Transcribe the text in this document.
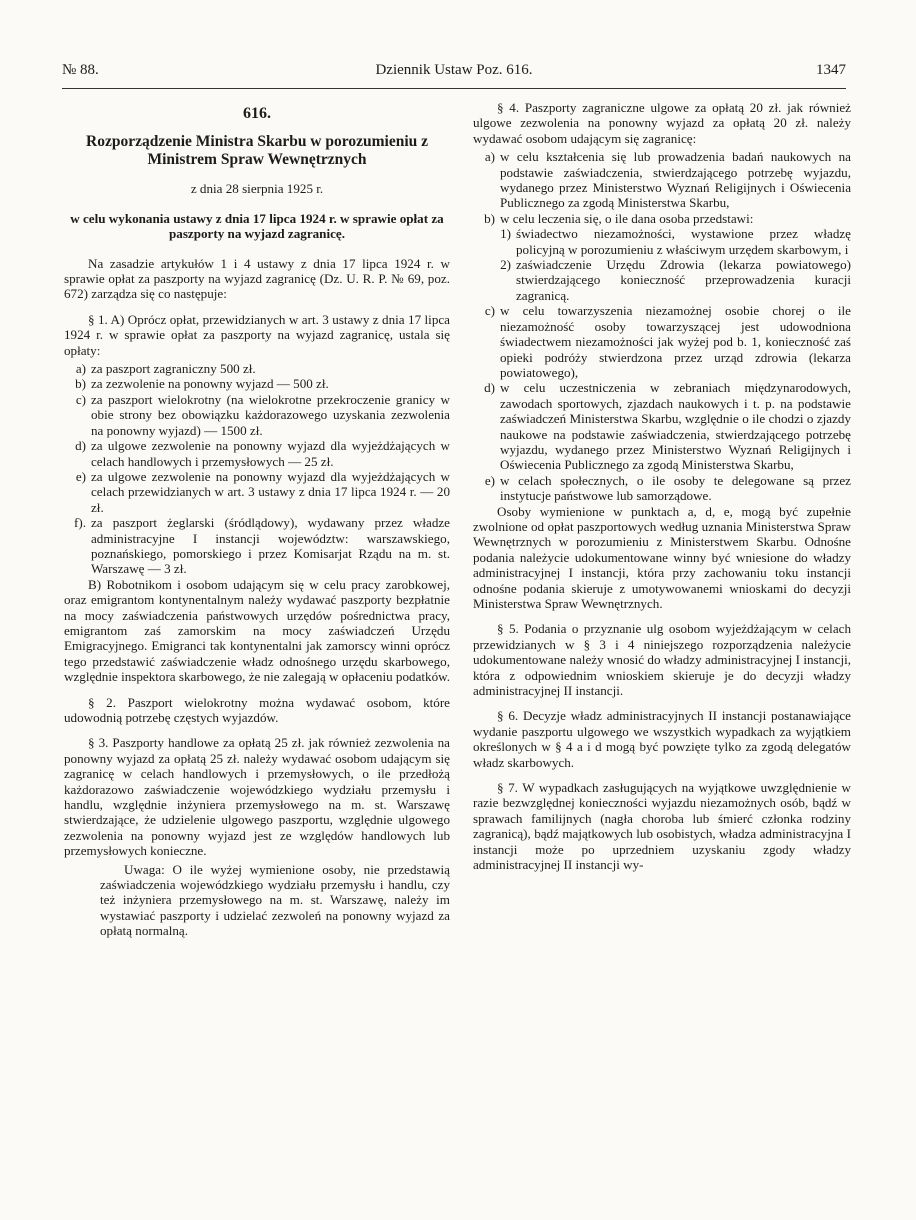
№ 88.	Dziennik Ustaw Poz. 616.	1347

616.

Rozporządzenie Ministra Skarbu w porozumieniu z Ministrem Spraw Wewnętrznych

z dnia 28 sierpnia 1925 r.

w celu wykonania ustawy z dnia 17 lipca 1924 r. w sprawie opłat za paszporty na wyjazd zagranicę.

Na zasadzie artykułów 1 i 4 ustawy z dnia 17 lipca 1924 r. w sprawie opłat za paszporty na wyjazd zagranicę (Dz. U. R. P. № 69, poz. 672) zarządza się co następuje:

§ 1. A) Oprócz opłat, przewidzianych w art. 3 ustawy z dnia 17 lipca 1924 r. w sprawie opłat za paszporty na wyjazd zagranicę, ustala się opłaty:

a) za paszport zagraniczny 500 zł.
b) za zezwolenie na ponowny wyjazd — 500 zł.
c) za paszport wielokrotny (na wielokrotne przekroczenie granicy w obie strony bez obowiązku każdorazowego uzyskania zezwolenia na ponowny wyjazd) — 1500 zł.
d) za ulgowe zezwolenie na ponowny wyjazd dla wyjeżdżających w celach handlowych i przemysłowych — 25 zł.
e) za ulgowe zezwolenie na ponowny wyjazd dla wyjeżdżających w celach przewidzianych w art. 3 ustawy z dnia 17 lipca 1924 r. — 20 zł.
f). za paszport żeglarski (śródlądowy), wydawany przez władze administracyjne I instancji województw: warszawskiego, poznańskiego, pomorskiego i przez Komisarjat Rządu na m. st. Warszawę — 3 zł.

B) Robotnikom i osobom udającym się w celu pracy zarobkowej, oraz emigrantom kontynentalnym należy wydawać paszporty bezpłatnie na mocy zaświadczenia państwowych urzędów pośrednictwa pracy, emigrantom zaś zamorskim na mocy zaświadczeń Urzędu Emigracyjnego. Emigranci tak kontynentalni jak zamorscy winni oprócz tego przedstawić zaświadczenie władz odnośnego urzędu skarbowego, względnie inspektora skarbowego, że nie zalegają w opłaceniu podatków.

§ 2. Paszport wielokrotny można wydawać osobom, które udowodnią potrzebę częstych wyjazdów.

§ 3. Paszporty handlowe za opłatą 25 zł. jak również zezwolenia na ponowny wyjazd za opłatą 25 zł. należy wydawać osobom udającym się zagranicę w celach handlowych i przemysłowych, o ile przedłożą każdorazowo zaświadczenie wojewódzkiego wydziału przemysłu i handlu, względnie inżyniera przemysłowego na m. st. Warszawę stwierdzające, że udzielenie ulgowego paszportu, względnie ulgowego zezwolenia na ponowny wyjazd jest ze względów handlowych lub przemysłowych konieczne.

Uwaga: O ile wyżej wymienione osoby, nie przedstawią zaświadczenia wojewódzkiego wydziału przemysłu i handlu, czy też inżyniera przemysłowego na m. st. Warszawę, należy im wystawiać paszporty i udzielać zezwoleń na ponowny wyjazd za opłatą normalną.

§ 4. Paszporty zagraniczne ulgowe za opłatą 20 zł. jak również ulgowe zezwolenia na ponowny wyjazd za opłatą 20 zł. należy wydawać osobom udającym się zagranicę:

a) w celu kształcenia się lub prowadzenia badań naukowych na podstawie zaświadczenia, stwierdzającego potrzebę wyjazdu, wydanego przez Ministerstwo Wyznań Religijnych i Oświecenia Publicznego za zgodą Ministerstwa Skarbu,
b) w celu leczenia się, o ile dana osoba przedstawi:
1) świadectwo niezamożności, wystawione przez władzę policyjną w porozumieniu z właściwym urzędem skarbowym, i
2) zaświadczenie Urzędu Zdrowia (lekarza powiatowego) stwierdzającego konieczność przeprowadzenia kuracji zagranicą.
c) w celu towarzyszenia niezamożnej osobie chorej o ile niezamożność osoby towarzyszącej jest udowodniona świadectwem niezamożności jak wyżej pod b. 1, konieczność zaś opieki podróży stwierdzona przez urząd zdrowia (lekarza powiatowego),
d) w celu uczestniczenia w zebraniach międzynarodowych, zawodach sportowych, zjazdach naukowych i t. p. na podstawie zaświadczeń Ministerstwa Skarbu, względnie o ile chodzi o zjazdy naukowe na podstawie zaświadczenia, stwierdzającego potrzebę wyjazdu, wydanego przez Ministerstwo Wyznań Religijnych i Oświecenia Publicznego za zgodą Ministerstwa Skarbu,
e) w celach społecznych, o ile osoby te delegowane są przez instytucje państwowe lub samorządowe.

Osoby wymienione w punktach a, d, e, mogą być zupełnie zwolnione od opłat paszportowych według uznania Ministerstwa Spraw Wewnętrznych w porozumieniu z Ministerstwem Skarbu. Odnośne podania należycie udokumentowane winny być wniesione do władzy administracyjnej I instancji, która przy zachowaniu toku instancji odnośne podania skieruje z umotywowanemi wnioskami do decyzji Ministerstwa Spraw Wewnętrznych.

§ 5. Podania o przyznanie ulg osobom wyjeżdżającym w celach przewidzianych w § 3 i 4 niniejszego rozporządzenia należycie udokumentowane należy wnosić do władzy administracyjnej I instancji, która z odpowiednim wnioskiem skieruje je do decyzji władzy administracyjnej II instancji.

§ 6. Decyzje władz administracyjnych II instancji postanawiające wydanie paszportu ulgowego we wszystkich wypadkach za wyjątkiem określonych w § 4 a i d mogą być powzięte tylko za zgodą delegatów władz skarbowych.

§ 7. W wypadkach zasługujących na wyjątkowe uwzględnienie w razie bezwzględnej konieczności wyjazdu niezamożnych osób, bądź w sprawach familijnych (nagła choroba lub śmierć członka rodziny zagranicą), bądź majątkowych lub osobistych, władza administracyjna I instancji może po uprzedniem uzyskaniu zgody władzy administracyjnej II instancji wy-
